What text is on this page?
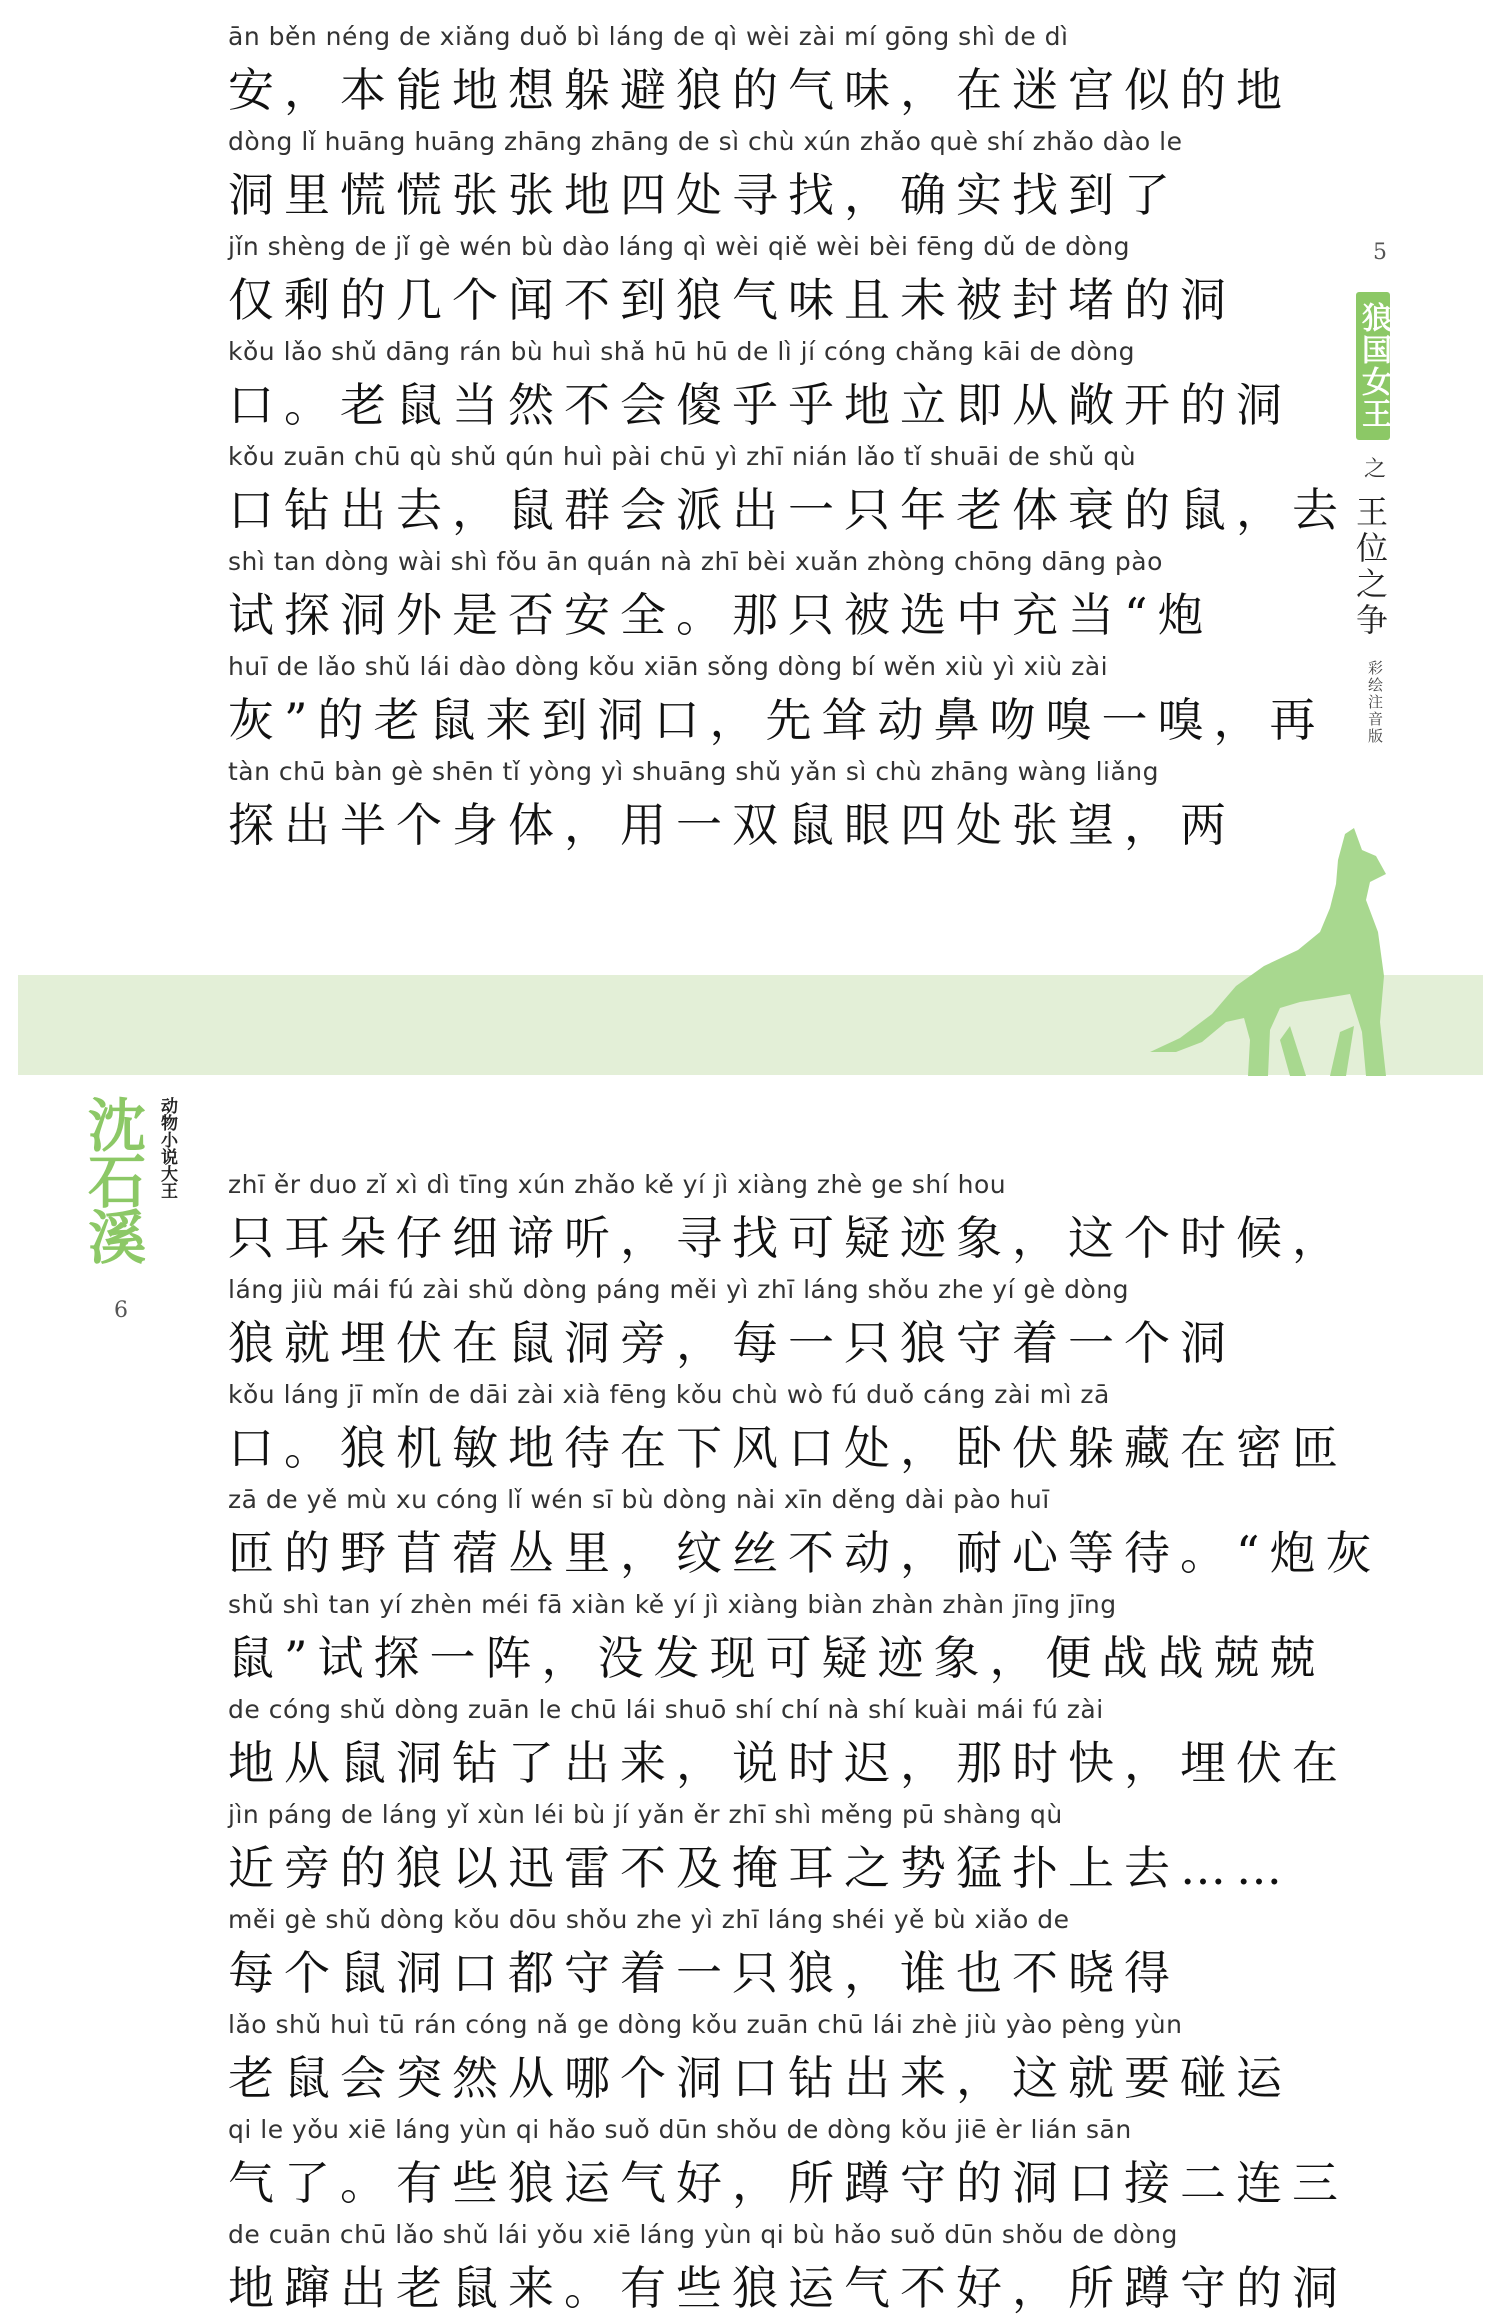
ān běn néng de xiǎng duǒ bì láng de qì wèi zài mí gōng shì de dì
安，本能地想躲避狼的气味，在迷宫似的地
dòng lǐ huāng huāng zhāng zhāng de sì chù xún zhǎo què shí zhǎo dào le
洞里慌慌张张地四处寻找，确实找到了
jǐn shèng de jǐ gè wén bù dào láng qì wèi qiě wèi bèi fēng dǔ de dòng
仅剩的几个闻不到狼气味且未被封堵的洞
kǒu lǎo shǔ dāng rán bù huì shǎ hū hū de lì jí cóng chǎng kāi de dòng
口。老鼠当然不会傻乎乎地立即从敞开的洞
kǒu zuān chū qù shǔ qún huì pài chū yì zhī nián lǎo tǐ shuāi de shǔ qù
口钻出去，鼠群会派出一只年老体衰的鼠，去
shì tan dòng wài shì fǒu ān quán nà zhī bèi xuǎn zhòng chōng dāng pào
试探洞外是否安全。那只被选中充当“炮
huī de lǎo shǔ lái dào dòng kǒu xiān sǒng dòng bí wěn xiù yì xiù zài
灰”的老鼠来到洞口，先耸动鼻吻嗅一嗅，再
tàn chū bàn gè shēn tǐ yòng yì shuāng shǔ yǎn sì chù zhāng wàng liǎng
探出半个身体，用一双鼠眼四处张望，两
5
狼国女王
之
王位之争
彩绘注音版
沈石溪 动物小说大王
6
zhī ěr duo zǐ xì dì tīng xún zhǎo kě yí jì xiàng zhè ge shí hou
只耳朵仔细谛听，寻找可疑迹象，这个时候，
láng jiù mái fú zài shǔ dòng páng měi yì zhī láng shǒu zhe yí gè dòng
狼就埋伏在鼠洞旁，每一只狼守着一个洞
kǒu láng jī mǐn de dāi zài xià fēng kǒu chù wò fú duǒ cáng zài mì zā
口。狼机敏地待在下风口处，卧伏躲藏在密匝
zā de yě mù xu cóng lǐ wén sī bù dòng nài xīn děng dài pào huī
匝的野苜蓿丛里，纹丝不动，耐心等待。“炮灰
shǔ shì tan yí zhèn méi fā xiàn kě yí jì xiàng biàn zhàn zhàn jīng jīng
鼠”试探一阵，没发现可疑迹象，便战战兢兢
de cóng shǔ dòng zuān le chū lái shuō shí chí nà shí kuài mái fú zài
地从鼠洞钻了出来，说时迟，那时快，埋伏在
jìn páng de láng yǐ xùn léi bù jí yǎn ěr zhī shì měng pū shàng qù
近旁的狼以迅雷不及掩耳之势猛扑上去……
měi gè shǔ dòng kǒu dōu shǒu zhe yì zhī láng shéi yě bù xiǎo de
每个鼠洞口都守着一只狼，谁也不晓得
lǎo shǔ huì tū rán cóng nǎ ge dòng kǒu zuān chū lái zhè jiù yào pèng yùn
老鼠会突然从哪个洞口钻出来，这就要碰运
qi le yǒu xiē láng yùn qi hǎo suǒ dūn shǒu de dòng kǒu jiē èr lián sān
气了。有些狼运气好，所蹲守的洞口接二连三
de cuān chū lǎo shǔ lái yǒu xiē láng yùn qi bù hǎo suǒ dūn shǒu de dòng
地蹿出老鼠来。有些狼运气不好，所蹲守的洞
